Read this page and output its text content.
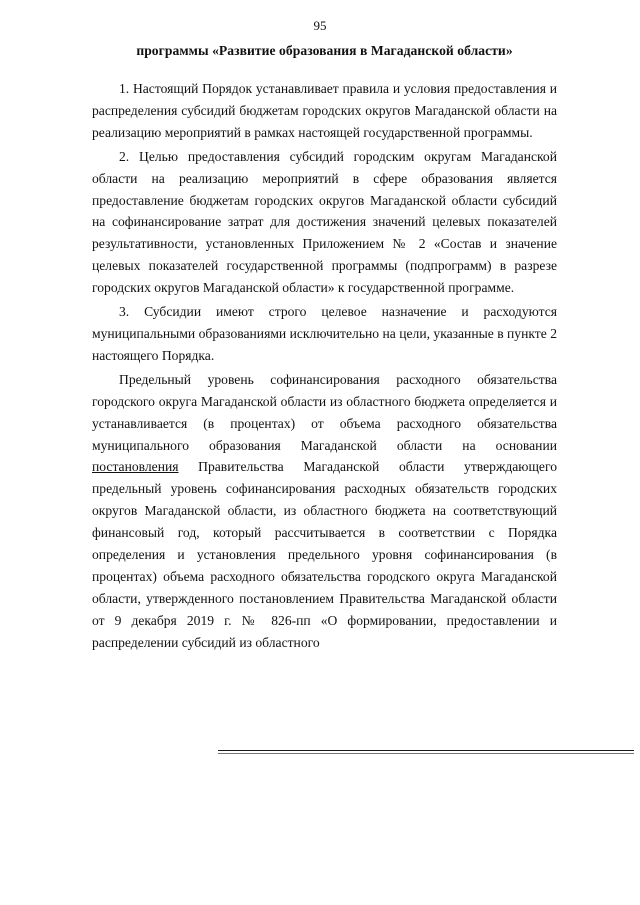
95
программы «Развитие образования в Магаданской области»

1. Настоящий Порядок устанавливает правила и условия предоставления и распределения субсидий бюджетам городских округов Магаданской области на реализацию мероприятий в рамках настоящей государственной программы.

2. Целью предоставления субсидий городским округам Магаданской области на реализацию мероприятий в сфере образования является предоставление бюджетам городских округов Магаданской области субсидий на софинансирование затрат для достижения значений целевых показателей результативности, установленных Приложением № 2 «Состав и значение целевых показателей государственной программы (подпрограмм) в разрезе городских округов Магаданской области» к государственной программе.

3. Субсидии имеют строго целевое назначение и расходуются муниципальными образованиями исключительно на цели, указанные в пункте 2 настоящего Порядка.

Предельный уровень софинансирования расходного обязательства городского округа Магаданской области из областного бюджета определяется и устанавливается (в процентах) от объема расходного обязательства муниципального образования Магаданской области на основании постановления Правительства Магаданской области утверждающего предельный уровень софинансирования расходных обязательств городских округов Магаданской области, из областного бюджета на соответствующий финансовый год, который рассчитывается в соответствии с Порядка определения и установления предельного уровня софинансирования (в процентах) объема расходного обязательства городского округа Магаданской области, утвержденного постановлением Правительства Магаданской области от 9 декабря 2019 г. № 826-пп «О формировании, предоставлении и распределении субсидий из областного
